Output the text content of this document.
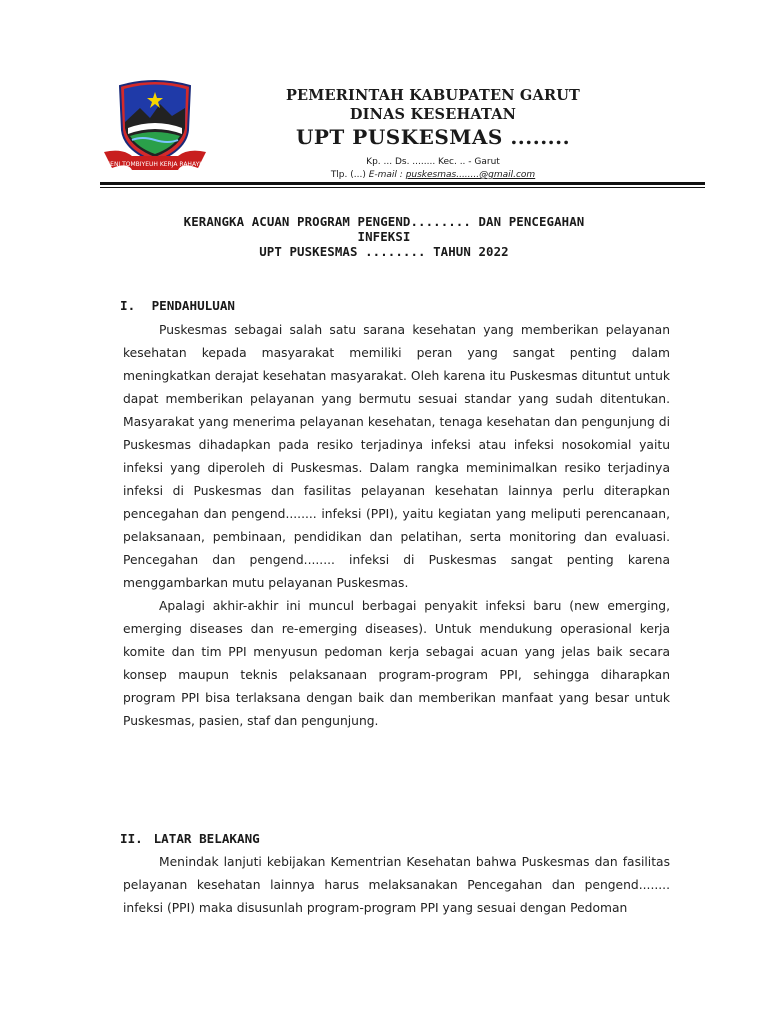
SENI TOMBIYEUH KERJA RAHAYU
PEMERINTAH KABUPATEN GARUT
DINAS KESEHATAN
UPT PUSKESMAS ........
Kp. ... Ds. ........ Kec. .. - Garut
Tlp. (...) E-mail : puskesmas........@gmail.com
KERANGKA ACUAN PROGRAM PENGEND........ DAN PENCEGAHAN
INFEKSI
UPT PUSKESMAS ........ TAHUN 2022
I. PENDAHULUAN

Puskesmas sebagai salah satu sarana kesehatan yang memberikan pelayanan kesehatan kepada masyarakat memiliki peran yang sangat penting dalam meningkatkan derajat kesehatan masyarakat. Oleh karena itu Puskesmas dituntut untuk dapat memberikan pelayanan yang bermutu sesuai standar yang sudah ditentukan. Masyarakat yang menerima pelayanan kesehatan, tenaga kesehatan dan pengunjung di Puskesmas dihadapkan pada resiko terjadinya infeksi atau infeksi nosokomial yaitu infeksi yang diperoleh di Puskesmas. Dalam rangka meminimalkan resiko terjadinya infeksi di Puskesmas dan fasilitas pelayanan kesehatan lainnya perlu diterapkan pencegahan dan pengend........ infeksi (PPI), yaitu kegiatan yang meliputi perencanaan, pelaksanaan, pembinaan, pendidikan dan pelatihan, serta monitoring dan evaluasi. Pencegahan dan pengend........ infeksi di Puskesmas sangat penting karena menggambarkan mutu pelayanan Puskesmas.

Apalagi akhir-akhir ini muncul berbagai penyakit infeksi baru (new emerging, emerging diseases dan re-emerging diseases). Untuk mendukung operasional kerja komite dan tim PPI menyusun pedoman kerja sebagai acuan yang jelas baik secara konsep maupun teknis pelaksanaan program-program PPI, sehingga diharapkan program PPI bisa terlaksana dengan baik dan memberikan manfaat yang besar untuk Puskesmas, pasien, staf dan pengunjung.

II. LATAR BELAKANG

Menindak lanjuti kebijakan Kementrian Kesehatan bahwa Puskesmas dan fasilitas pelayanan kesehatan lainnya harus melaksanakan Pencegahan dan pengend........ infeksi (PPI) maka disusunlah program-program PPI yang sesuai dengan Pedoman
